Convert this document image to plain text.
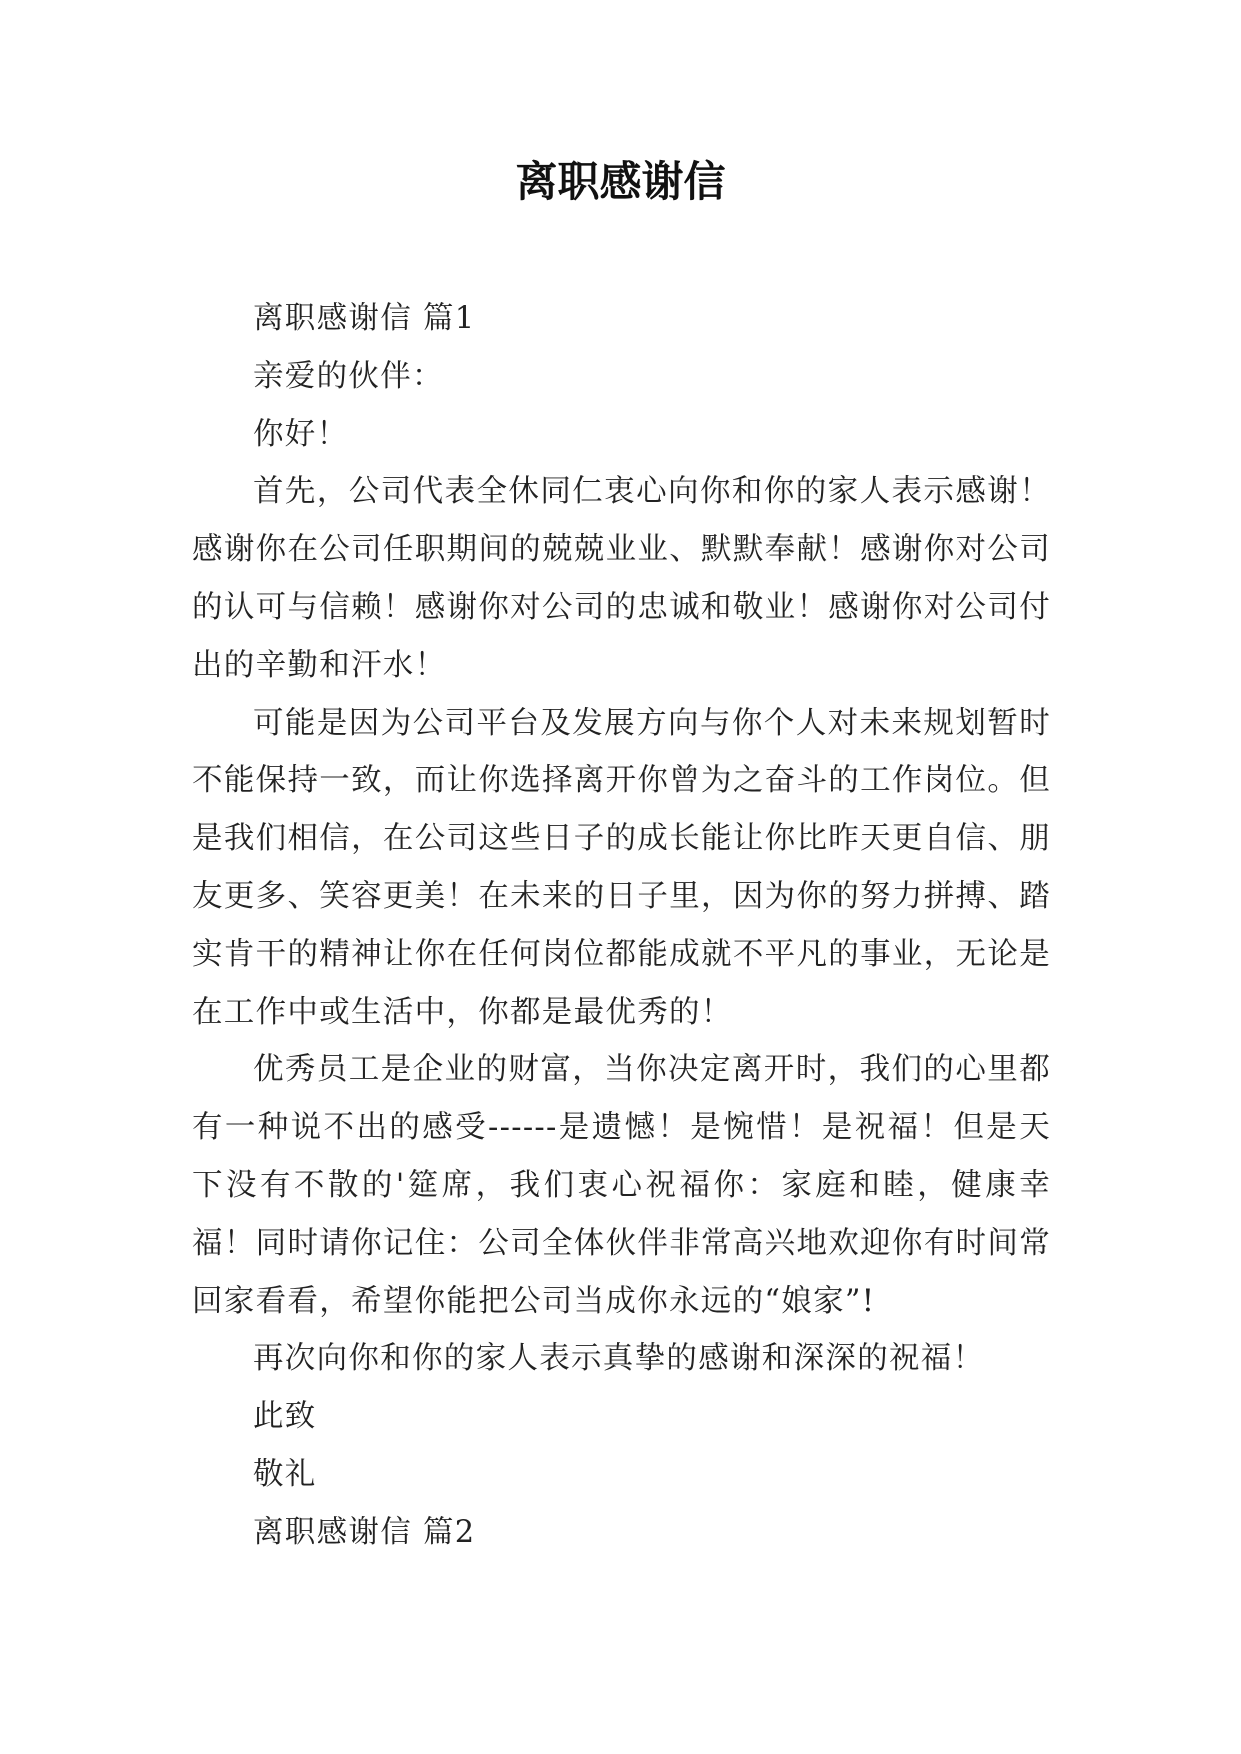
离职感谢信

离职感谢信 篇1

亲爱的伙伴：

你好！

首先，公司代表全休同仁衷心向你和你的家人表示感谢！感谢你在公司任职期间的兢兢业业、默默奉献！感谢你对公司的认可与信赖！感谢你对公司的忠诚和敬业！感谢你对公司付出的辛勤和汗水！

可能是因为公司平台及发展方向与你个人对未来规划暂时不能保持一致，而让你选择离开你曾为之奋斗的工作岗位。但是我们相信，在公司这些日子的成长能让你比昨天更自信、朋友更多、笑容更美！在未来的日子里，因为你的努力拼搏、踏实肯干的精神让你在任何岗位都能成就不平凡的事业，无论是在工作中或生活中，你都是最优秀的！

优秀员工是企业的财富，当你决定离开时，我们的心里都有一种说不出的感受------是遗憾！是惋惜！是祝福！但是天下没有不散的'筵席，我们衷心祝福你：家庭和睦，健康幸福！同时请你记住：公司全体伙伴非常高兴地欢迎你有时间常回家看看，希望你能把公司当成你永远的“娘家”!

再次向你和你的家人表示真挚的感谢和深深的祝福！

此致

敬礼

离职感谢信 篇2
